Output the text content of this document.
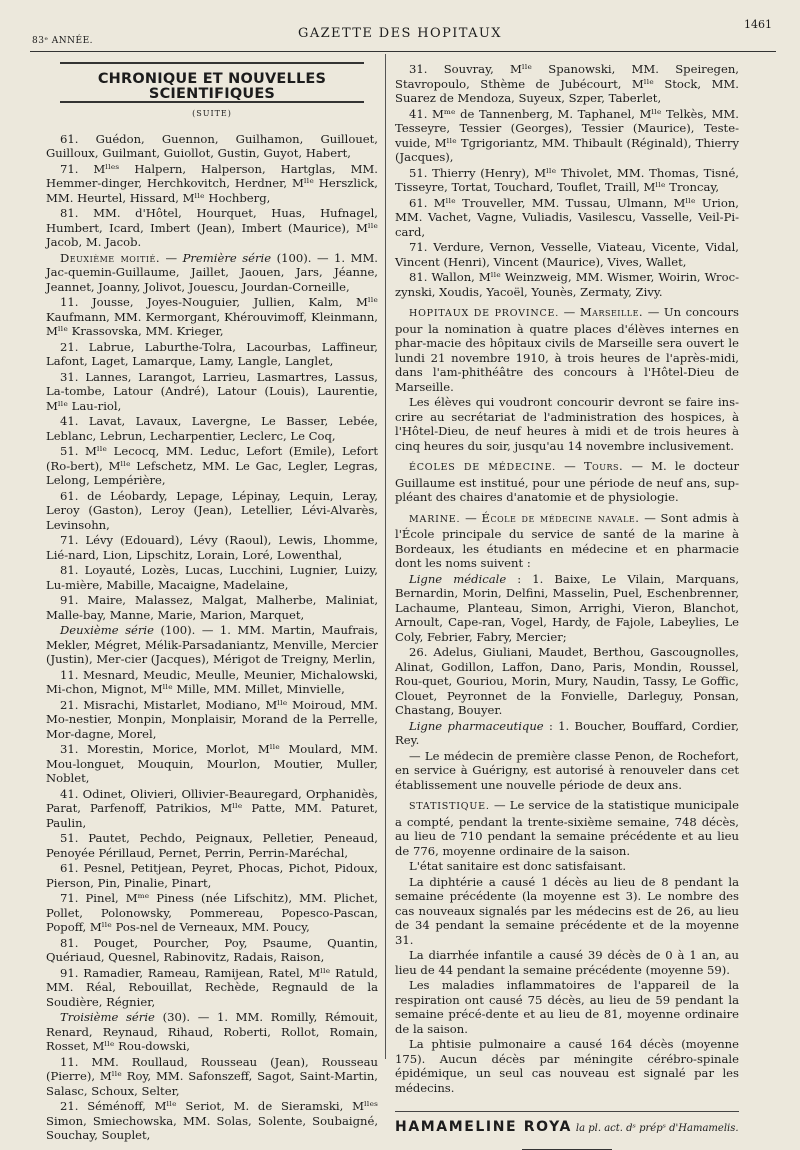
83ᵉ ANNÉE.	GAZETTE DES HOPITAUX
1461
CHRONIQUE ET NOUVELLES SCIENTIFIQUES
(SUITE)

61. Guédon, Guennon, Guilhamon, Guillouet, Guilloux, Guilmant, Guiollot, Gustin, Guyot, Habert,

71. Mˡˡᵉˢ Halpern, Halperson, Hartglas, MM. Hemmer-dinger, Herchkovitch, Herdner, Mˡˡᵉ Herszlick, MM. Heurtel, Hissard, Mˡˡᵉ Hochberg,

81. MM. d'Hôtel, Hourquet, Huas, Hufnagel, Humbert, Icard, Imbert (Jean), Imbert (Maurice), Mˡˡᵉ Jacob, M. Jacob.

Deuxième moitié. — Première série (100). — 1. MM. Jac-quemin-Guillaume, Jaillet, Jaouen, Jars, Jéanne, Jeannet, Joanny, Jolivot, Jouescu, Jourdan-Corneille,

11. Jousse, Joyes-Nouguier, Jullien, Kalm, Mˡˡᵉ Kaufmann, MM. Kermorgant, Khérouvimoff, Kleinmann, Mˡˡᵉ Krassovska, MM. Krieger,

21. Labrue, Laburthe-Tolra, Lacourbas, Laffineur, Lafont, Laget, Lamarque, Lamy, Langle, Langlet,

31. Lannes, Larangot, Larrieu, Lasmartres, Lassus, La-tombe, Latour (André), Latour (Louis), Laurentie, Mˡˡᵉ Lau-riol,

41. Lavat, Lavaux, Lavergne, Le Basser, Lebée, Leblanc, Lebrun, Lecharpentier, Leclerc, Le Coq,

51. Mˡˡᵉ Lecocq, MM. Leduc, Lefort (Emile), Lefort (Ro-bert), Mˡˡᵉ Lefschetz, MM. Le Gac, Legler, Legras, Lelong, Lempérière,

61. de Léobardy, Lepage, Lépinay, Lequin, Leray, Leroy (Gaston), Leroy (Jean), Letellier, Lévi-Alvarès, Levinsohn,

71. Lévy (Edouard), Lévy (Raoul), Lewis, Lhomme, Lié-nard, Lion, Lipschitz, Lorain, Loré, Lowenthal,

81. Loyauté, Lozès, Lucas, Lucchini, Lugnier, Luizy, Lu-mière, Mabille, Macaigne, Madelaine,

91. Maire, Malassez, Malgat, Malherbe, Maliniat, Malle-bay, Manne, Marie, Marion, Marquet,

Deuxième série (100). — 1. MM. Martin, Maufrais, Mekler, Mégret, Mélik-Parsadaniantz, Menville, Mercier (Justin), Mer-cier (Jacques), Mérigot de Treigny, Merlin,

11. Mesnard, Meudic, Meulle, Meunier, Michalowski, Mi-chon, Mignot, Mˡˡᵉ Mille, MM. Millet, Minvielle,

21. Misrachi, Mistarlet, Modiano, Mˡˡᵉ Moiroud, MM. Mo-nestier, Monpin, Monplaisir, Morand de la Perrelle, Mor-dagne, Morel,

31. Morestin, Morice, Morlot, Mˡˡᵉ Moulard, MM. Mou-longuet, Mouquin, Mourlon, Moutier, Muller, Noblet,

41. Odinet, Olivieri, Ollivier-Beauregard, Orphanidès, Parat, Parfenoff, Patrikios, Mˡˡᵉ Patte, MM. Paturet, Paulin,

51. Pautet, Pechdo, Peignaux, Pelletier, Peneaud, Penoyée Périllaud, Pernet, Perrin, Perrin-Maréchal,

61. Pesnel, Petitjean, Peyret, Phocas, Pichot, Pidoux, Pierson, Pin, Pinalie, Pinart,

71. Pinel, Mᵐᵉ Piness (née Lifschitz), MM. Plichet, Pollet, Polonowsky, Pommereau, Popesco-Pascan, Popoff, Mˡˡᵉ Pos-nel de Verneaux, MM. Poucy,

81. Pouget, Pourcher, Poy, Psaume, Quantin, Quériaud, Quesnel, Rabinovitz, Radais, Raison,

91. Ramadier, Rameau, Ramijean, Ratel, Mˡˡᵉ Ratuld, MM. Réal, Rebouillat, Rechède, Regnauld de la Soudière, Régnier,

Troisième série (30). — 1. MM. Romilly, Rémouit, Renard, Reynaud, Rihaud, Roberti, Rollot, Romain, Rosset, Mˡˡᵉ Rou-dowski,

11. MM. Roullaud, Rousseau (Jean), Rousseau (Pierre), Mˡˡᵉ Roy, MM. Safonszeff, Sagot, Saint-Martin, Salasc, Schoux, Selter,

21. Séménoff, Mˡˡᵉ Seriot, M. de Sieramski, Mˡˡᵉˢ Simon, Smiechowska, MM. Solas, Solente, Soubaigné, Souchay, Souplet,

31. Souvray, Mˡˡᵉ Spanowski, MM. Speiregen, Stavropoulo, Sthème de Jubécourt, Mˡˡᵉ Stock, MM. Suarez de Mendoza, Suyeux, Szper, Taberlet,

41. Mᵐᵉ de Tannenberg, M. Taphanel, Mˡˡᵉ Telkès, MM. Tesseyre, Tessier (Georges), Tessier (Maurice), Teste-vuide, Mˡˡᵉ Tgrigoriantz, MM. Thibault (Réginald), Thierry (Jacques),

51. Thierry (Henry), Mˡˡᵉ Thivolet, MM. Thomas, Tisné, Tisseyre, Tortat, Touchard, Touflet, Traill, Mˡˡᵉ Troncay,

61. Mˡˡᵉ Trouveller, MM. Tussau, Ulmann, Mˡˡᵉ Urion, MM. Vachet, Vagne, Vuliadis, Vasilescu, Vasselle, Veil-Pi-card,

71. Verdure, Vernon, Vesselle, Viateau, Vicente, Vidal, Vincent (Henri), Vincent (Maurice), Vives, Wallet,

81. Wallon, Mˡˡᵉ Weinzweig, MM. Wismer, Woirin, Wroc-zynski, Xoudis, Yacoël, Younès, Zermaty, Zivy.

HOPITAUX DE PROVINCE. — Marseille. — Un concours pour la nomination à quatre places d'élèves internes en phar-macie des hôpitaux civils de Marseille sera ouvert le lundi 21 novembre 1910, à trois heures de l'après-midi, dans l'am-phithéâtre des concours à l'Hôtel-Dieu de Marseille.

Les élèves qui voudront concourir devront se faire ins-crire au secrétariat de l'administration des hospices, à l'Hôtel-Dieu, de neuf heures à midi et de trois heures à cinq heures du soir, jusqu'au 14 novembre inclusivement.

ÉCOLES DE MÉDECINE. — Tours. — M. le docteur Guillaume est institué, pour une période de neuf ans, sup-pléant des chaires d'anatomie et de physiologie.

MARINE. — École de médecine navale. — Sont admis à l'École principale du service de santé de la marine à Bordeaux, les étudiants en médecine et en pharmacie dont les noms suivent :

Ligne médicale : 1. Baixe, Le Vilain, Marquans, Bernardin, Morin, Delfini, Masselin, Puel, Eschenbrenner, Lachaume, Planteau, Simon, Arrighi, Vieron, Blanchot, Arnoult, Cape-ran, Vogel, Hardy, de Fajole, Labeylies, Le Coly, Febrier, Fabry, Mercier;

26. Adelus, Giuliani, Maudet, Berthou, Gascougnolles, Alinat, Godillon, Laffon, Dano, Paris, Mondin, Roussel, Rou-quet, Gouriou, Morin, Mury, Naudin, Tassy, Le Goffic, Clouet, Peyronnet de la Fonvielle, Darleguy, Ponsan, Chastang, Bouyer.

Ligne pharmaceutique : 1. Boucher, Bouffard, Cordier, Rey.

— Le médecin de première classe Penon, de Rochefort, en service à Guérigny, est autorisé à renouveler dans cet établissement une nouvelle période de deux ans.

STATISTIQUE. — Le service de la statistique municipale a compté, pendant la trente-sixième semaine, 748 décès, au lieu de 710 pendant la semaine précédente et au lieu de 776, moyenne ordinaire de la saison.

L'état sanitaire est donc satisfaisant.

La diphtérie a causé 1 décès au lieu de 8 pendant la semaine précédente (la moyenne est 3). Le nombre des cas nouveaux signalés par les médecins est de 26, au lieu de 34 pendant la semaine précédente et de la moyenne 31.

La diarrhée infantile a causé 39 décès de 0 à 1 an, au lieu de 44 pendant la semaine précédente (moyenne 59).

Les maladies inflammatoires de l'appareil de la respiration ont causé 75 décès, au lieu de 59 pendant la semaine précé-dente et au lieu de 81, moyenne ordinaire de la saison.

La phtisie pulmonaire a causé 164 décès (moyenne 175). Aucun décès par méningite cérébro-spinale épidémique, un seul cas nouveau est signalé par les médecins.

HAMAMELINE ROYA la pl. act. dˢ prépˢ d'Hamamelis.
